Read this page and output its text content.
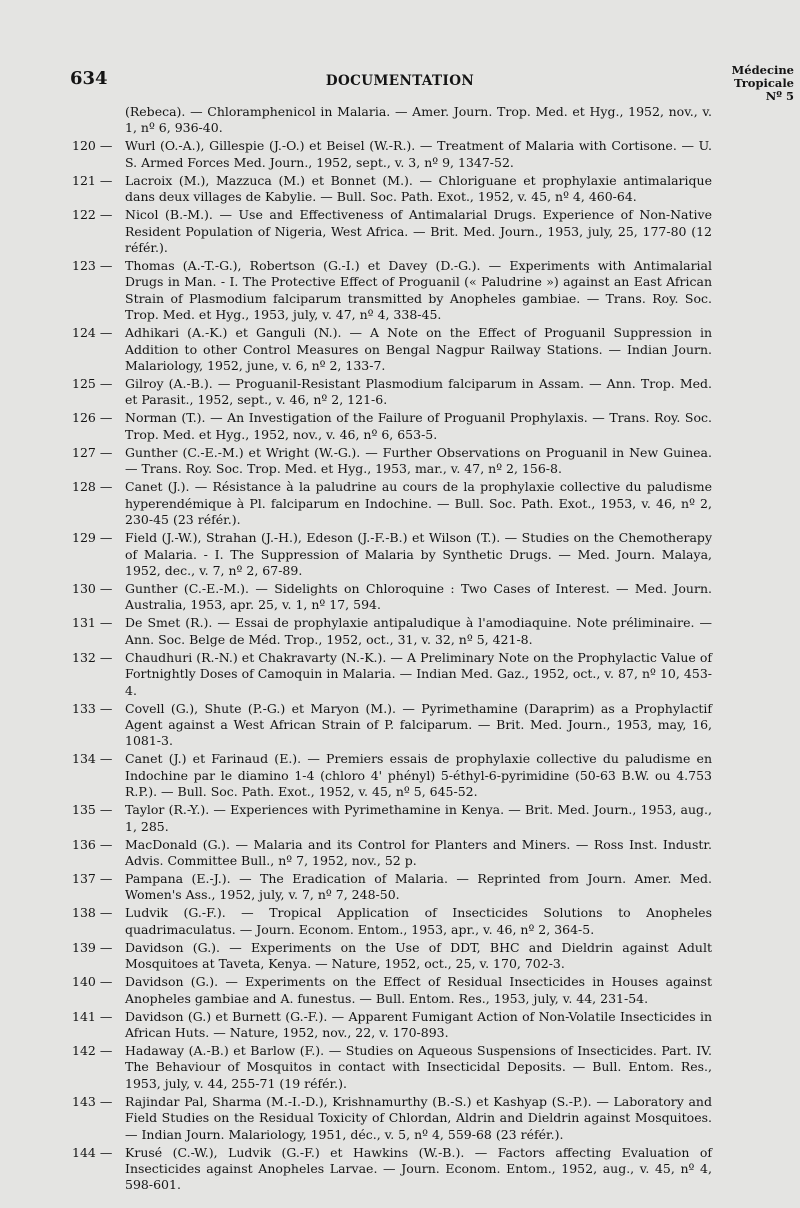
634	DOCUMENTATION
Médecine
Tropicale
Nº 5
(Rebeca). — Chloramphenicol in Malaria. — Amer. Journ. Trop. Med. et Hyg., 1952, nov., v. 1, nº 6, 936-40.
120 —	Wurl (O.-A.), Gillespie (J.-O.) et Beisel (W.-R.). — Treatment of Malaria with Cortisone. — U. S. Armed Forces Med. Journ., 1952, sept., v. 3, nº 9, 1347-52.
121 —	Lacroix (M.), Mazzuca (M.) et Bonnet (M.). — Chloriguane et prophylaxie antimalarique dans deux villages de Kabylie. — Bull. Soc. Path. Exot., 1952, v. 45, nº 4, 460-64.
122 —	Nicol (B.-M.). — Use and Effectiveness of Antimalarial Drugs. Experience of Non-Native Resident Population of Nigeria, West Africa. — Brit. Med. Journ., 1953, july, 25, 177-80 (12 référ.).
123 —	Thomas (A.-T.-G.), Robertson (G.-I.) et Davey (D.-G.). — Experiments with Antimalarial Drugs in Man. - I. The Protective Effect of Proguanil (« Paludrine ») against an East African Strain of Plasmodium falciparum transmitted by Anopheles gambiae. — Trans. Roy. Soc. Trop. Med. et Hyg., 1953, july, v. 47, nº 4, 338-45.
124 —	Adhikari (A.-K.) et Ganguli (N.). — A Note on the Effect of Proguanil Suppression in Addition to other Control Measures on Bengal Nagpur Railway Stations. — Indian Journ. Malariology, 1952, june, v. 6, nº 2, 133-7.
125 —	Gilroy (A.-B.). — Proguanil-Resistant Plasmodium falciparum in Assam. — Ann. Trop. Med. et Parasit., 1952, sept., v. 46, nº 2, 121-6.
126 —	Norman (T.). — An Investigation of the Failure of Proguanil Prophylaxis. — Trans. Roy. Soc. Trop. Med. et Hyg., 1952, nov., v. 46, nº 6, 653-5.
127 —	Gunther (C.-E.-M.) et Wright (W.-G.). — Further Observations on Proguanil in New Guinea. — Trans. Roy. Soc. Trop. Med. et Hyg., 1953, mar., v. 47, nº 2, 156-8.
128 —	Canet (J.). — Résistance à la paludrine au cours de la prophylaxie collective du paludisme hyperendémique à Pl. falciparum en Indochine. — Bull. Soc. Path. Exot., 1953, v. 46, nº 2, 230-45 (23 référ.).
129 —	Field (J.-W.), Strahan (J.-H.), Edeson (J.-F.-B.) et Wilson (T.). — Studies on the Chemotherapy of Malaria. - I. The Suppression of Malaria by Synthetic Drugs. — Med. Journ. Malaya, 1952, dec., v. 7, nº 2, 67-89.
130 —	Gunther (C.-E.-M.). — Sidelights on Chloroquine : Two Cases of Interest. — Med. Journ. Australia, 1953, apr. 25, v. 1, nº 17, 594.
131 —	De Smet (R.). — Essai de prophylaxie antipaludique à l'amodiaquine. Note préliminaire. — Ann. Soc. Belge de Méd. Trop., 1952, oct., 31, v. 32, nº 5, 421-8.
132 —	Chaudhuri (R.-N.) et Chakravarty (N.-K.). — A Preliminary Note on the Prophylactic Value of Fortnightly Doses of Camoquin in Malaria. — Indian Med. Gaz., 1952, oct., v. 87, nº 10, 453-4.
133 —	Covell (G.), Shute (P.-G.) et Maryon (M.). — Pyrimethamine (Daraprim) as a Prophylactif Agent against a West African Strain of P. falciparum. — Brit. Med. Journ., 1953, may, 16, 1081-3.
134 —	Canet (J.) et Farinaud (E.). — Premiers essais de prophylaxie collective du paludisme en Indochine par le diamino 1-4 (chloro 4' phényl) 5-éthyl-6-pyrimidine (50-63 B.W. ou 4.753 R.P.). — Bull. Soc. Path. Exot., 1952, v. 45, nº 5, 645-52.
135 —	Taylor (R.-Y.). — Experiences with Pyrimethamine in Kenya. — Brit. Med. Journ., 1953, aug., 1, 285.
136 —	MacDonald (G.). — Malaria and its Control for Planters and Miners. — Ross Inst. Industr. Advis. Committee Bull., nº 7, 1952, nov., 52 p.
137 —	Pampana (E.-J.). — The Eradication of Malaria. — Reprinted from Journ. Amer. Med. Women's Ass., 1952, july, v. 7, nº 7, 248-50.
138 —	Ludvik (G.-F.). — Tropical Application of Insecticides Solutions to Anopheles quadrimaculatus. — Journ. Econom. Entom., 1953, apr., v. 46, nº 2, 364-5.
139 —	Davidson (G.). — Experiments on the Use of DDT, BHC and Dieldrin against Adult Mosquitoes at Taveta, Kenya. — Nature, 1952, oct., 25, v. 170, 702-3.
140 —	Davidson (G.). — Experiments on the Effect of Residual Insecticides in Houses against Anopheles gambiae and A. funestus. — Bull. Entom. Res., 1953, july, v. 44, 231-54.
141 —	Davidson (G.) et Burnett (G.-F.). — Apparent Fumigant Action of Non-Volatile Insecticides in African Huts. — Nature, 1952, nov., 22, v. 170-893.
142 —	Hadaway (A.-B.) et Barlow (F.). — Studies on Aqueous Suspensions of Insecticides. Part. IV. The Behaviour of Mosquitos in contact with Insecticidal Deposits. — Bull. Entom. Res., 1953, july, v. 44, 255-71 (19 référ.).
143 —	Rajindar Pal, Sharma (M.-I.-D.), Krishnamurthy (B.-S.) et Kashyap (S.-P.). — Laboratory and Field Studies on the Residual Toxicity of Chlordan, Aldrin and Dieldrin against Mosquitoes. — Indian Journ. Malariology, 1951, déc., v. 5, nº 4, 559-68 (23 référ.).
144 —	Krusé (C.-W.), Ludvik (G.-F.) et Hawkins (W.-B.). — Factors affecting Evaluation of Insecticides against Anopheles Larvae. — Journ. Econom. Entom., 1952, aug., v. 45, nº 4, 598-601.
